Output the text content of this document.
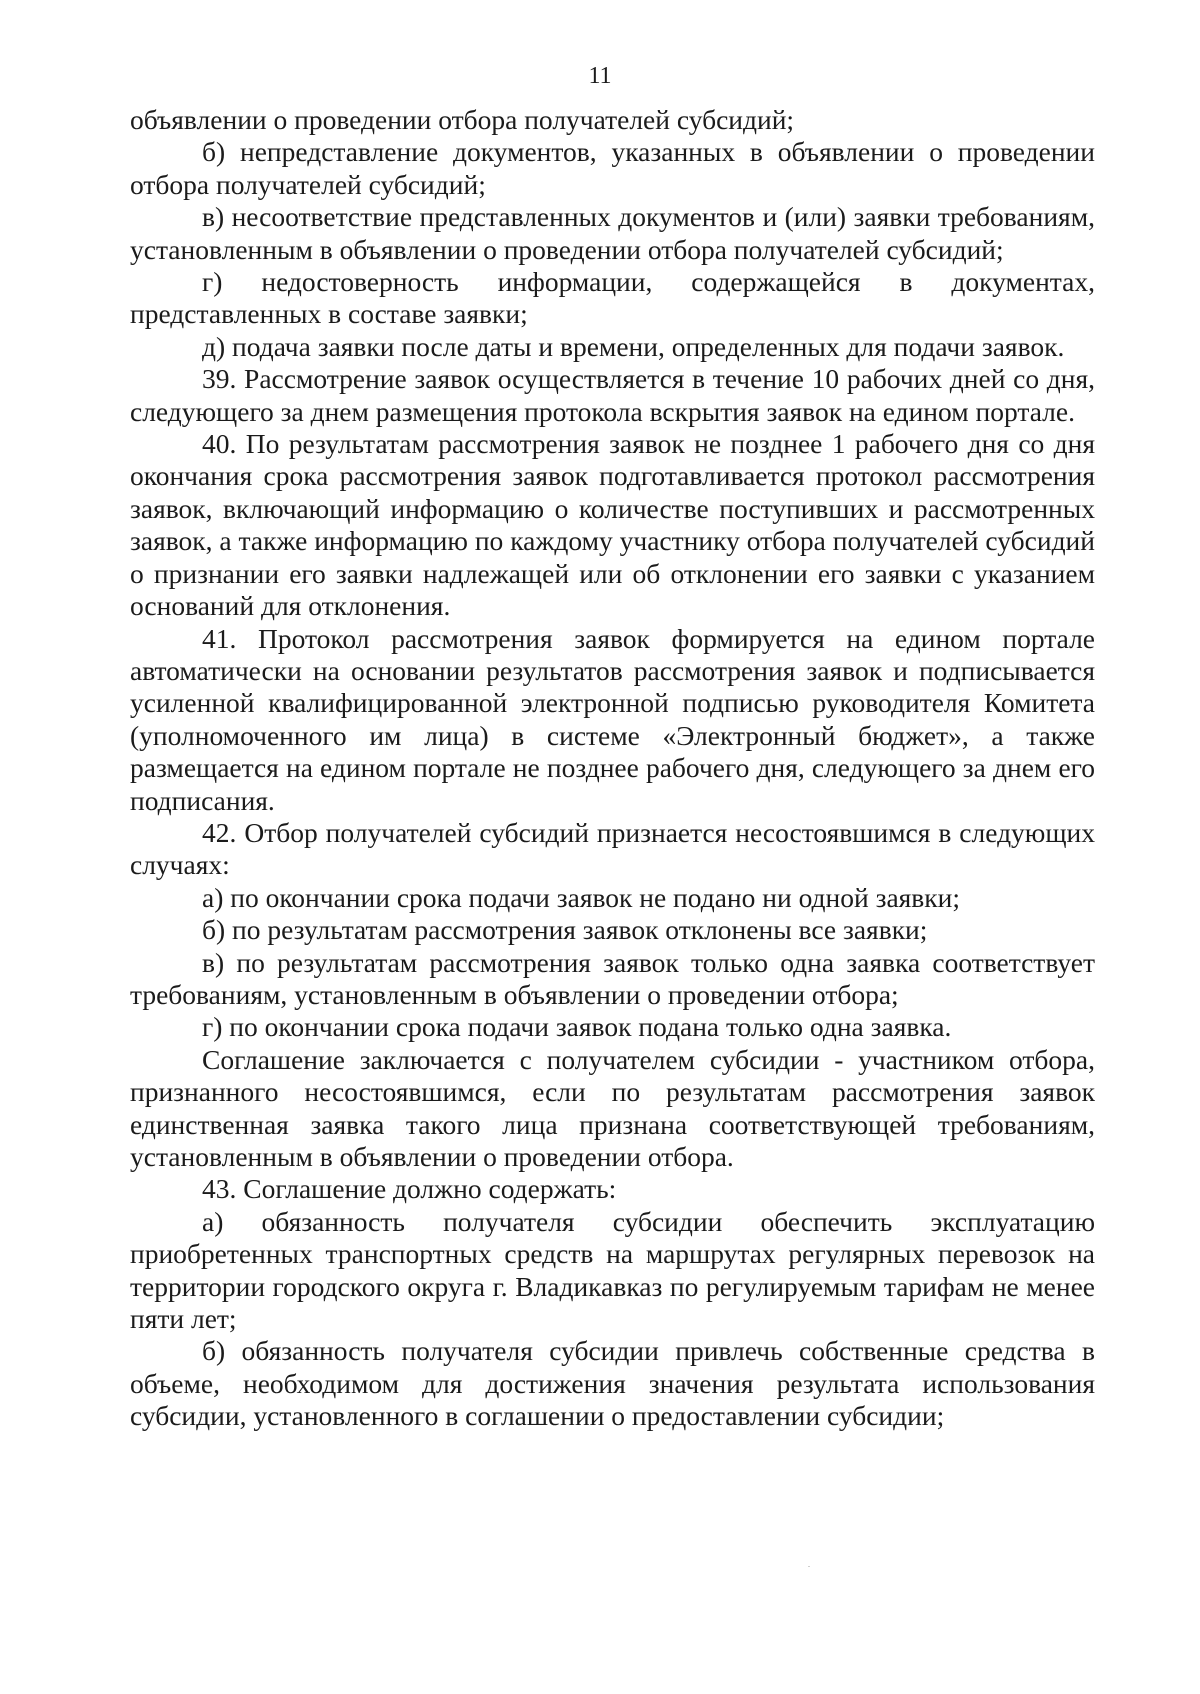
11

объявлении о проведении отбора получателей субсидий;

б) непредставление документов, указанных в объявлении о проведении отбора получателей субсидий;

в) несоответствие представленных документов и (или) заявки требованиям, установленным в объявлении о проведении отбора получателей субсидий;

г) недостоверность информации, содержащейся в документах, представленных в составе заявки;

д) подача заявки после даты и времени, определенных для подачи заявок.

39. Рассмотрение заявок осуществляется в течение 10 рабочих дней со дня, следующего за днем размещения протокола вскрытия заявок на едином портале.

40. По результатам рассмотрения заявок не позднее 1 рабочего дня со дня окончания срока рассмотрения заявок подготавливается протокол рассмотрения заявок, включающий информацию о количестве поступивших и рассмотренных заявок, а также информацию по каждому участнику отбора получателей субсидий о признании его заявки надлежащей или об отклонении его заявки с указанием оснований для отклонения.

41. Протокол рассмотрения заявок формируется на едином портале автоматически на основании результатов рассмотрения заявок и подписывается усиленной квалифицированной электронной подписью руководителя Комитета (уполномоченного им лица) в системе «Электронный бюджет», а также размещается на едином портале не позднее рабочего дня, следующего за днем его подписания.

42. Отбор получателей субсидий признается несостоявшимся в следующих случаях:

а) по окончании срока подачи заявок не подано ни одной заявки;

б) по результатам рассмотрения заявок отклонены все заявки;

в) по результатам рассмотрения заявок только одна заявка соответствует требованиям, установленным в объявлении о проведении отбора;

г) по окончании срока подачи заявок подана только одна заявка.

Соглашение заключается с получателем субсидии - участником отбора, признанного несостоявшимся, если по результатам рассмотрения заявок единственная заявка такого лица признана соответствующей требованиям, установленным в объявлении о проведении отбора.

43. Соглашение должно содержать:

а) обязанность получателя субсидии обеспечить эксплуатацию приобретенных транспортных средств на маршрутах регулярных перевозок на территории городского округа г. Владикавказ по регулируемым тарифам не менее пяти лет;

б) обязанность получателя субсидии привлечь собственные средства в объеме, необходимом для достижения значения результата использования субсидии, установленного в соглашении о предоставлении субсидии;
